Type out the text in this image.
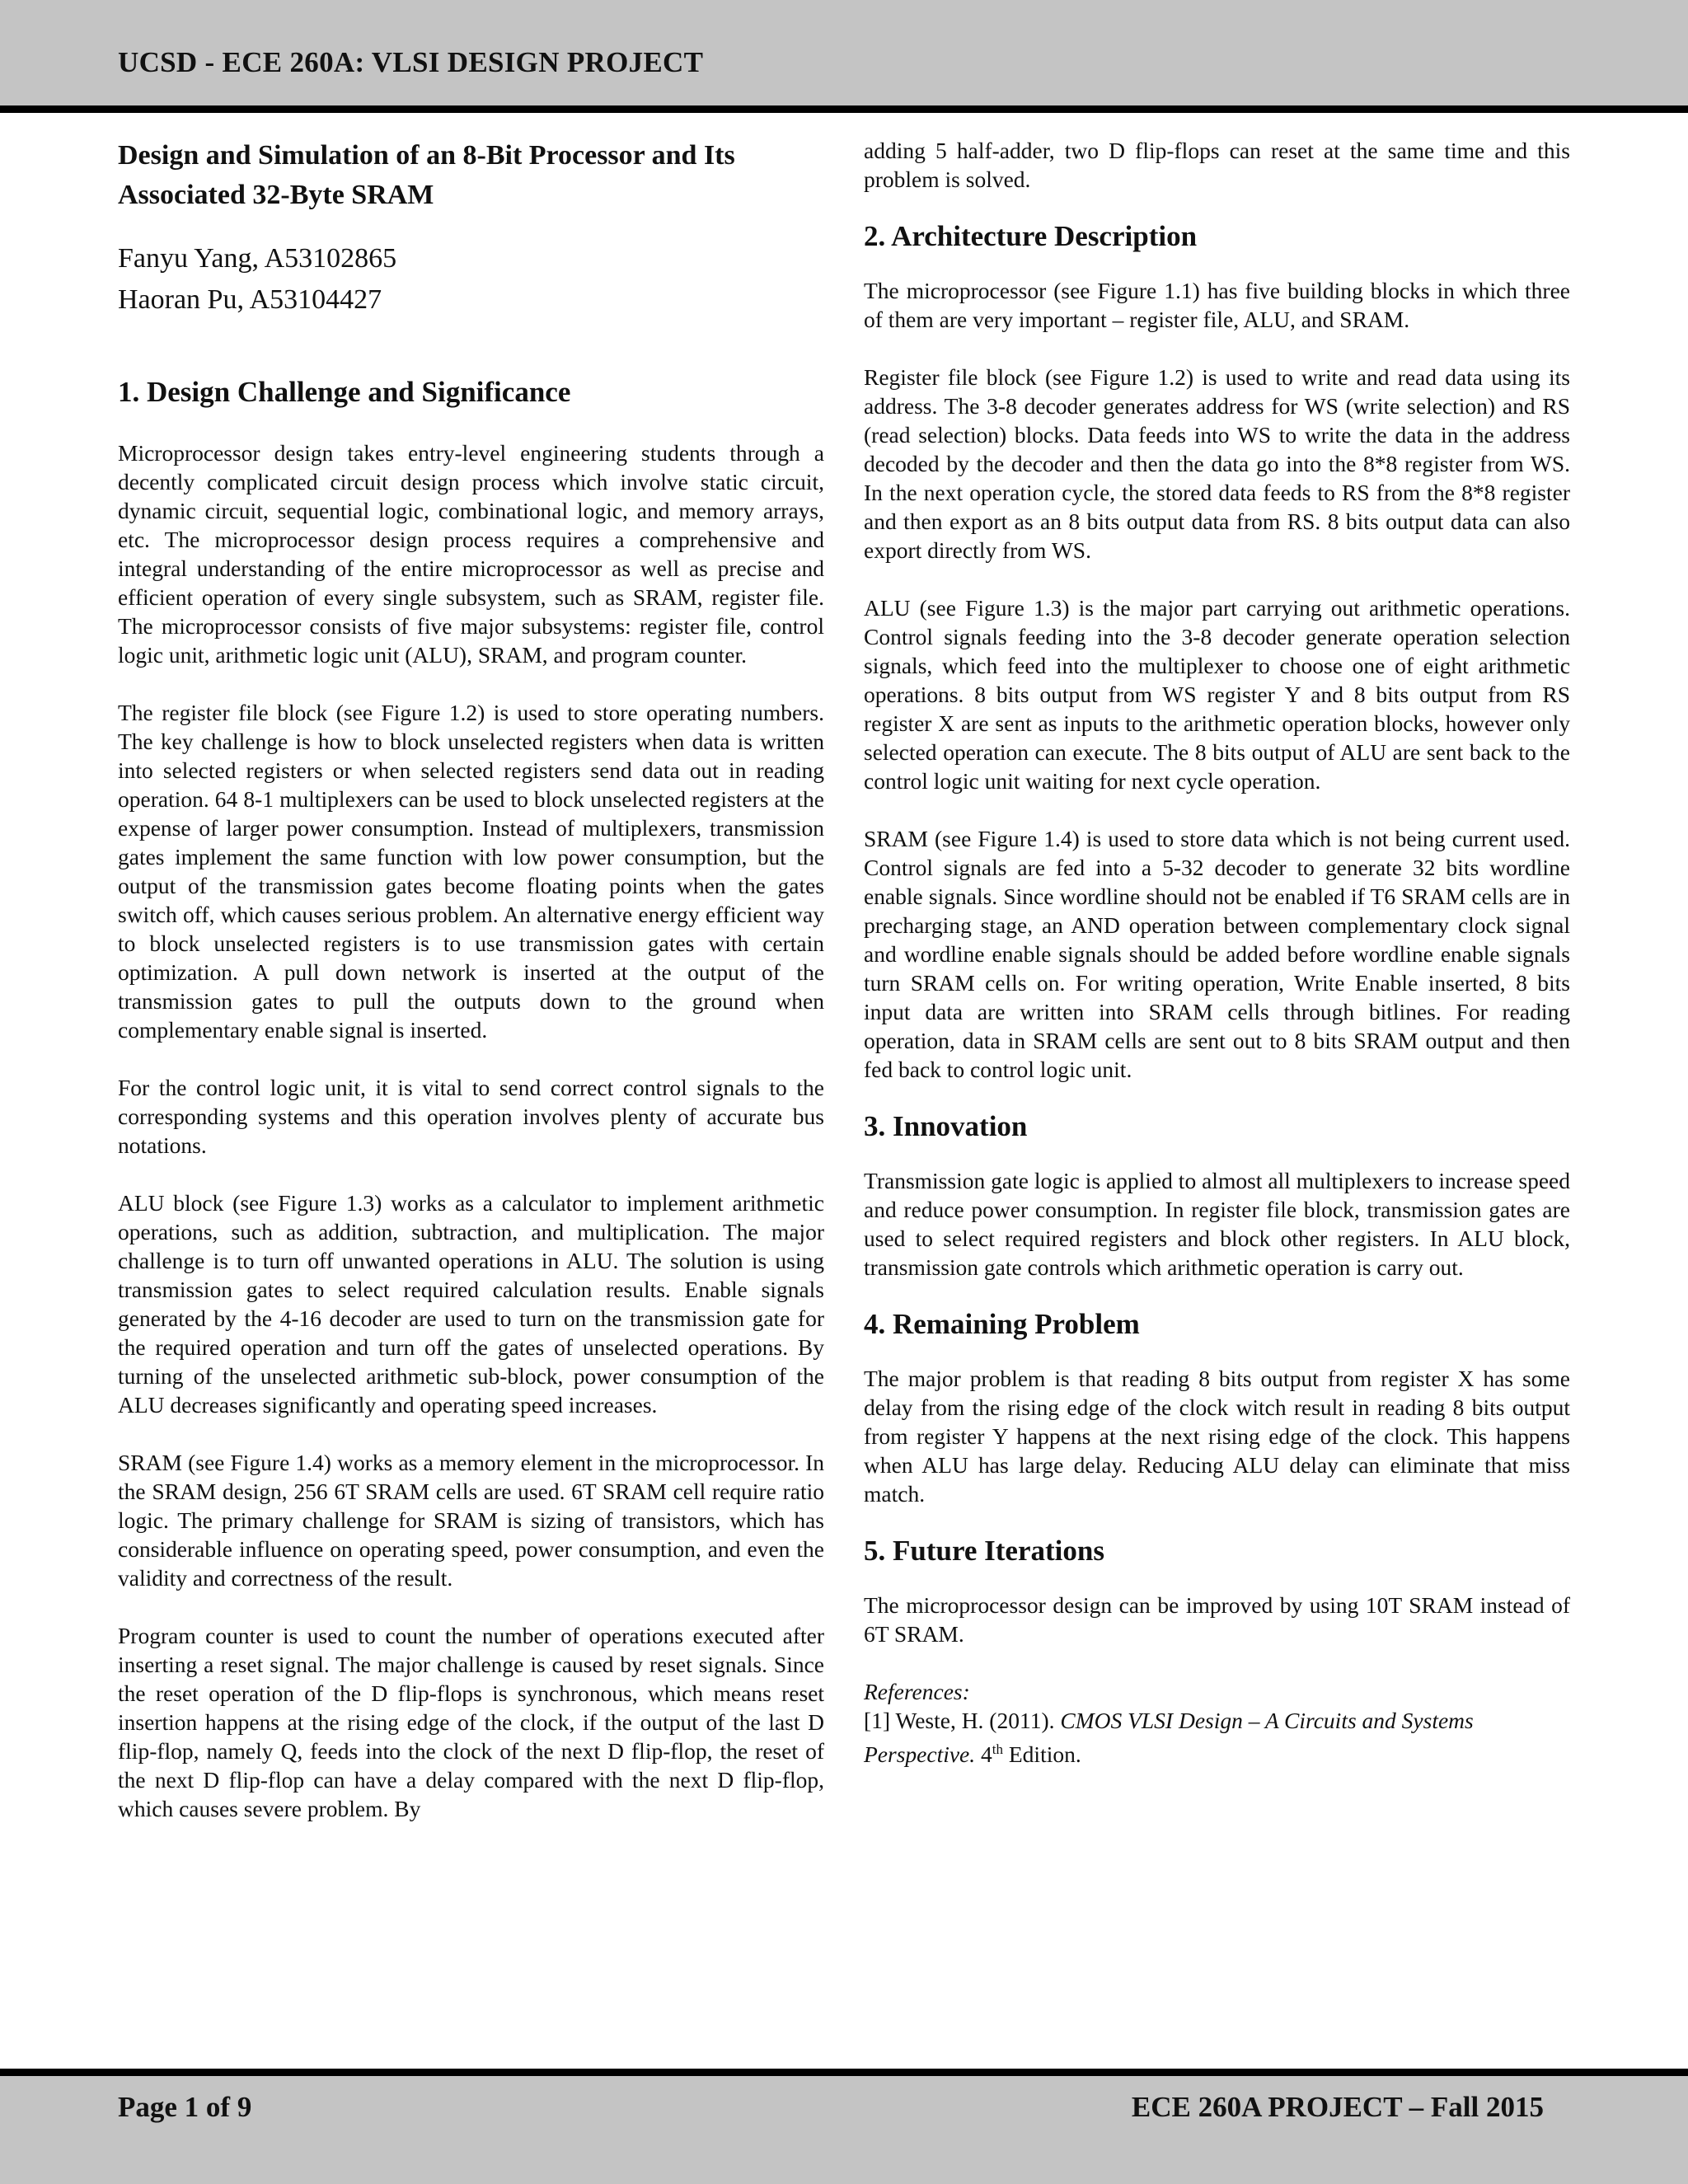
UCSD - ECE 260A: VLSI DESIGN PROJECT
Design and Simulation of an 8-Bit Processor and Its Associated 32-Byte SRAM
Fanyu Yang, A53102865
Haoran Pu, A53104427
1. Design Challenge and Significance

Microprocessor design takes entry-level engineering students through a decently complicated circuit design process which involve static circuit, dynamic circuit, sequential logic, combinational logic, and memory arrays, etc. The microprocessor design process requires a comprehensive and integral understanding of the entire microprocessor as well as precise and efficient operation of every single subsystem, such as SRAM, register file. The microprocessor consists of five major subsystems: register file, control logic unit, arithmetic logic unit (ALU), SRAM, and program counter.

The register file block (see Figure 1.2) is used to store operating numbers. The key challenge is how to block unselected registers when data is written into selected registers or when selected registers send data out in reading operation. 64 8-1 multiplexers can be used to block unselected registers at the expense of larger power consumption. Instead of multiplexers, transmission gates implement the same function with low power consumption, but the output of the transmission gates become floating points when the gates switch off, which causes serious problem. An alternative energy efficient way to block unselected registers is to use transmission gates with certain optimization. A pull down network is inserted at the output of the transmission gates to pull the outputs down to the ground when complementary enable signal is inserted.

For the control logic unit, it is vital to send correct control signals to the corresponding systems and this operation involves plenty of accurate bus notations.

ALU block (see Figure 1.3) works as a calculator to implement arithmetic operations, such as addition, subtraction, and multiplication. The major challenge is to turn off unwanted operations in ALU. The solution is using transmission gates to select required calculation results. Enable signals generated by the 4-16 decoder are used to turn on the transmission gate for the required operation and turn off the gates of unselected operations. By turning of the unselected arithmetic sub-block, power consumption of the ALU decreases significantly and operating speed increases.

SRAM (see Figure 1.4) works as a memory element in the microprocessor. In the SRAM design, 256 6T SRAM cells are used. 6T SRAM cell require ratio logic. The primary challenge for SRAM is sizing of transistors, which has considerable influence on operating speed, power consumption, and even the validity and correctness of the result.

Program counter is used to count the number of operations executed after inserting a reset signal. The major challenge is caused by reset signals. Since the reset operation of the D flip-flops is synchronous, which means reset insertion happens at the rising edge of the clock, if the output of the last D flip-flop, namely Q, feeds into the clock of the next D flip-flop, the reset of the next D flip-flop can have a delay compared with the next D flip-flop, which causes severe problem. By

adding 5 half-adder, two D flip-flops can reset at the same time and this problem is solved.

2. Architecture Description

The microprocessor (see Figure 1.1) has five building blocks in which three of them are very important – register file, ALU, and SRAM.

Register file block (see Figure 1.2) is used to write and read data using its address. The 3-8 decoder generates address for WS (write selection) and RS (read selection) blocks. Data feeds into WS to write the data in the address decoded by the decoder and then the data go into the 8*8 register from WS. In the next operation cycle, the stored data feeds to RS from the 8*8 register and then export as an 8 bits output data from RS. 8 bits output data can also export directly from WS.

ALU (see Figure 1.3) is the major part carrying out arithmetic operations. Control signals feeding into the 3-8 decoder generate operation selection signals, which feed into the multiplexer to choose one of eight arithmetic operations. 8 bits output from WS register Y and 8 bits output from RS register X are sent as inputs to the arithmetic operation blocks, however only selected operation can execute. The 8 bits output of ALU are sent back to the control logic unit waiting for next cycle operation.

SRAM (see Figure 1.4) is used to store data which is not being current used. Control signals are fed into a 5-32 decoder to generate 32 bits wordline enable signals. Since wordline should not be enabled if T6 SRAM cells are in precharging stage, an AND operation between complementary clock signal and wordline enable signals should be added before wordline enable signals turn SRAM cells on. For writing operation, Write Enable inserted, 8 bits input data are written into SRAM cells through bitlines. For reading operation, data in SRAM cells are sent out to 8 bits SRAM output and then fed back to control logic unit.

3. Innovation

Transmission gate logic is applied to almost all multiplexers to increase speed and reduce power consumption. In register file block, transmission gates are used to select required registers and block other registers. In ALU block, transmission gate controls which arithmetic operation is carry out.

4. Remaining Problem

The major problem is that reading 8 bits output from register X has some delay from the rising edge of the clock witch result in reading 8 bits output from register Y happens at the next rising edge of the clock. This happens when ALU has large delay. Reducing ALU delay can eliminate that miss match.

5. Future Iterations

The microprocessor design can be improved by using 10T SRAM instead of 6T SRAM.

References:

[1] Weste, H. (2011). CMOS VLSI Design – A Circuits and Systems Perspective. 4th Edition.

Page 1 of 9	ECE 260A PROJECT – Fall 2015
